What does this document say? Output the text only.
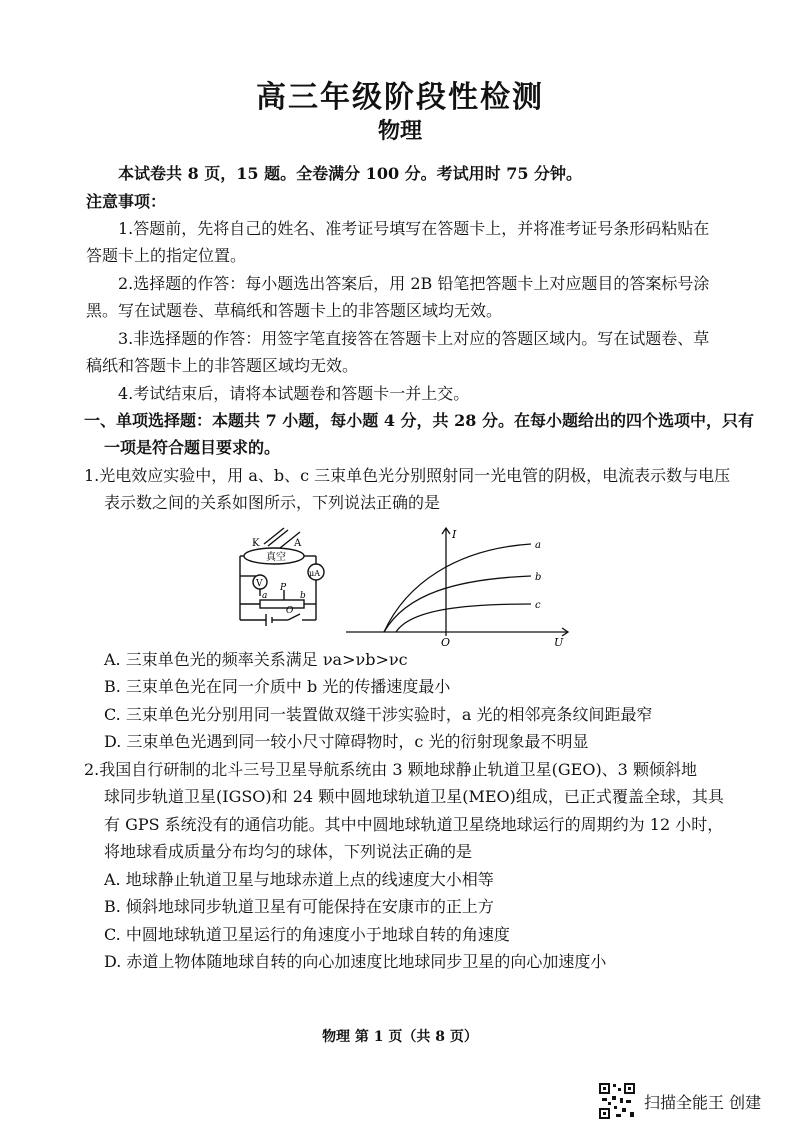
高三年级阶段性检测
物理
本试卷共 8 页，15 题。全卷满分 100 分。考试用时 75 分钟。
注意事项：
1.答题前，先将自己的姓名、准考证号填写在答题卡上，并将准考证号条形码粘贴在
答题卡上的指定位置。
2.选择题的作答：每小题选出答案后，用 2B 铅笔把答题卡上对应题目的答案标号涂
黑。写在试题卷、草稿纸和答题卡上的非答题区域均无效。
3.非选择题的作答：用签字笔直接答在答题卡上对应的答题区域内。写在试题卷、草
稿纸和答题卡上的非答题区域均无效。
4.考试结束后，请将本试题卷和答题卡一并上交。
一、单项选择题：本题共 7 小题，每小题 4 分，共 28 分。在每小题给出的四个选项中，只有
一项是符合题目要求的。
1.光电效应实验中，用 a、b、c 三束单色光分别照射同一光电管的阴极，电流表示数与电压
表示数之间的关系如图所示，下列说法正确的是
K	A
真空
μA
V P
a	b
O
I
U
O
a
b
c
A. 三束单色光的频率关系满足 νa>νb>νc
B. 三束单色光在同一介质中 b 光的传播速度最小
C. 三束单色光分别用同一装置做双缝干涉实验时，a 光的相邻亮条纹间距最窄
D. 三束单色光遇到同一较小尺寸障碍物时，c 光的衍射现象最不明显
2.我国自行研制的北斗三号卫星导航系统由 3 颗地球静止轨道卫星(GEO)、3 颗倾斜地
球同步轨道卫星(IGSO)和 24 颗中圆地球轨道卫星(MEO)组成，已正式覆盖全球，其具
有 GPS 系统没有的通信功能。其中中圆地球轨道卫星绕地球运行的周期约为 12 小时，
将地球看成质量分布均匀的球体，下列说法正确的是
A. 地球静止轨道卫星与地球赤道上点的线速度大小相等
B. 倾斜地球同步轨道卫星有可能保持在安康市的正上方
C. 中圆地球轨道卫星运行的角速度小于地球自转的角速度
D. 赤道上物体随地球自转的向心加速度比地球同步卫星的向心加速度小
物理 第 1 页（共 8 页）
扫描全能王 创建
